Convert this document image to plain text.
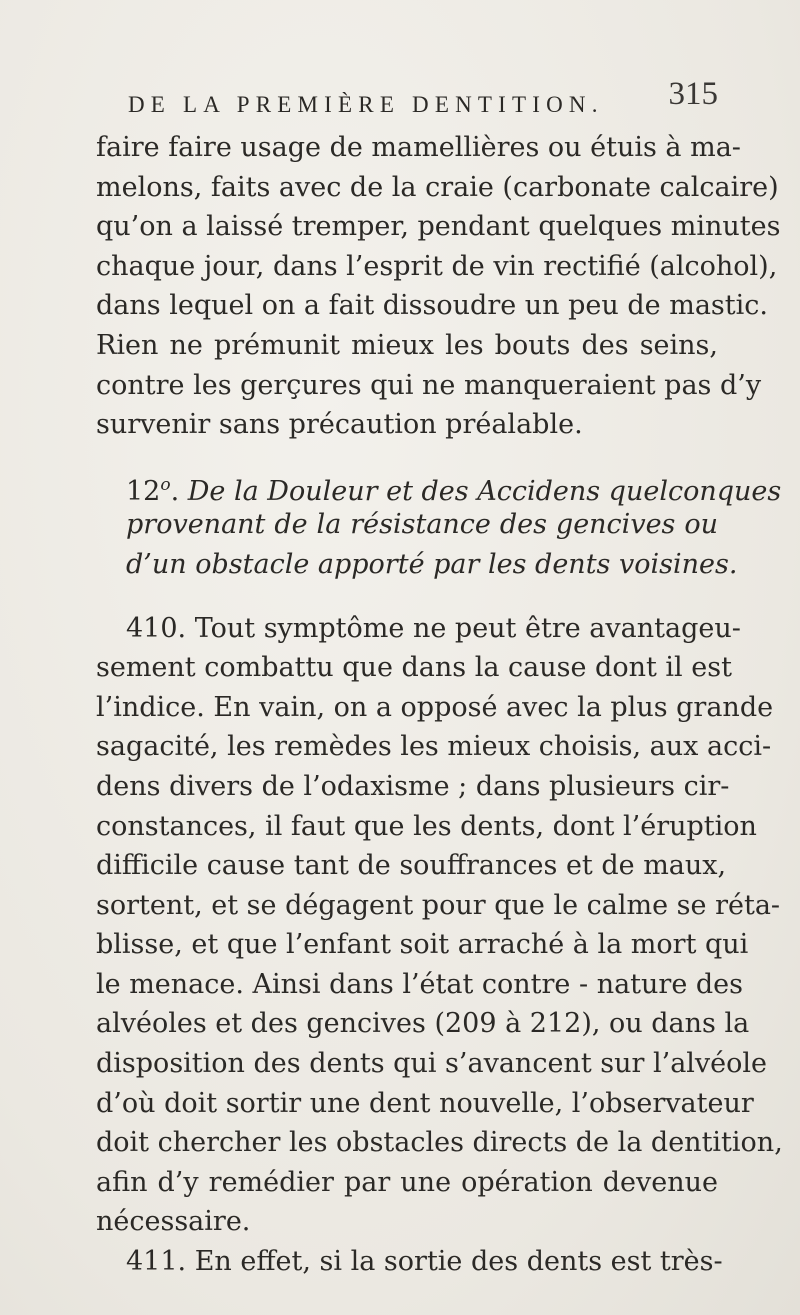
DE LA PREMIÈRE DENTITION. 315
faire faire usage de mamellières ou étuis à ma-
melons, faits avec de la craie (carbonate calcaire)
qu’on a laissé tremper, pendant quelques minutes
chaque jour, dans l’esprit de vin rectifié (alcohol),
dans lequel on a fait dissoudre un peu de mastic.
Rien ne prémunit mieux les bouts des seins,
contre les gerçures qui ne manqueraient pas d’y
survenir sans précaution préalable.
12$^o$. De la Douleur et des Accidens quelconques
provenant de la résistance des gencives ou
d’un obstacle apporté par les dents voisines.
410. Tout symptôme ne peut être avantageu-
sement combattu que dans la cause dont il est
l’indice. En vain, on a opposé avec la plus grande
sagacité, les remèdes les mieux choisis, aux acci-
dens divers de l’odaxisme ; dans plusieurs cir-
constances, il faut que les dents, dont l’éruption
difficile cause tant de souffrances et de maux,
sortent, et se dégagent pour que le calme se réta-
blisse, et que l’enfant soit arraché à la mort qui
le menace. Ainsi dans l’état contre - nature des
alvéoles et des gencives (209 à 212), ou dans la
disposition des dents qui s’avancent sur l’alvéole
d’où doit sortir une dent nouvelle, l’observateur
doit chercher les obstacles directs de la dentition,
afin d’y remédier par une opération devenue
nécessaire.
411. En effet, si la sortie des dents est très-
